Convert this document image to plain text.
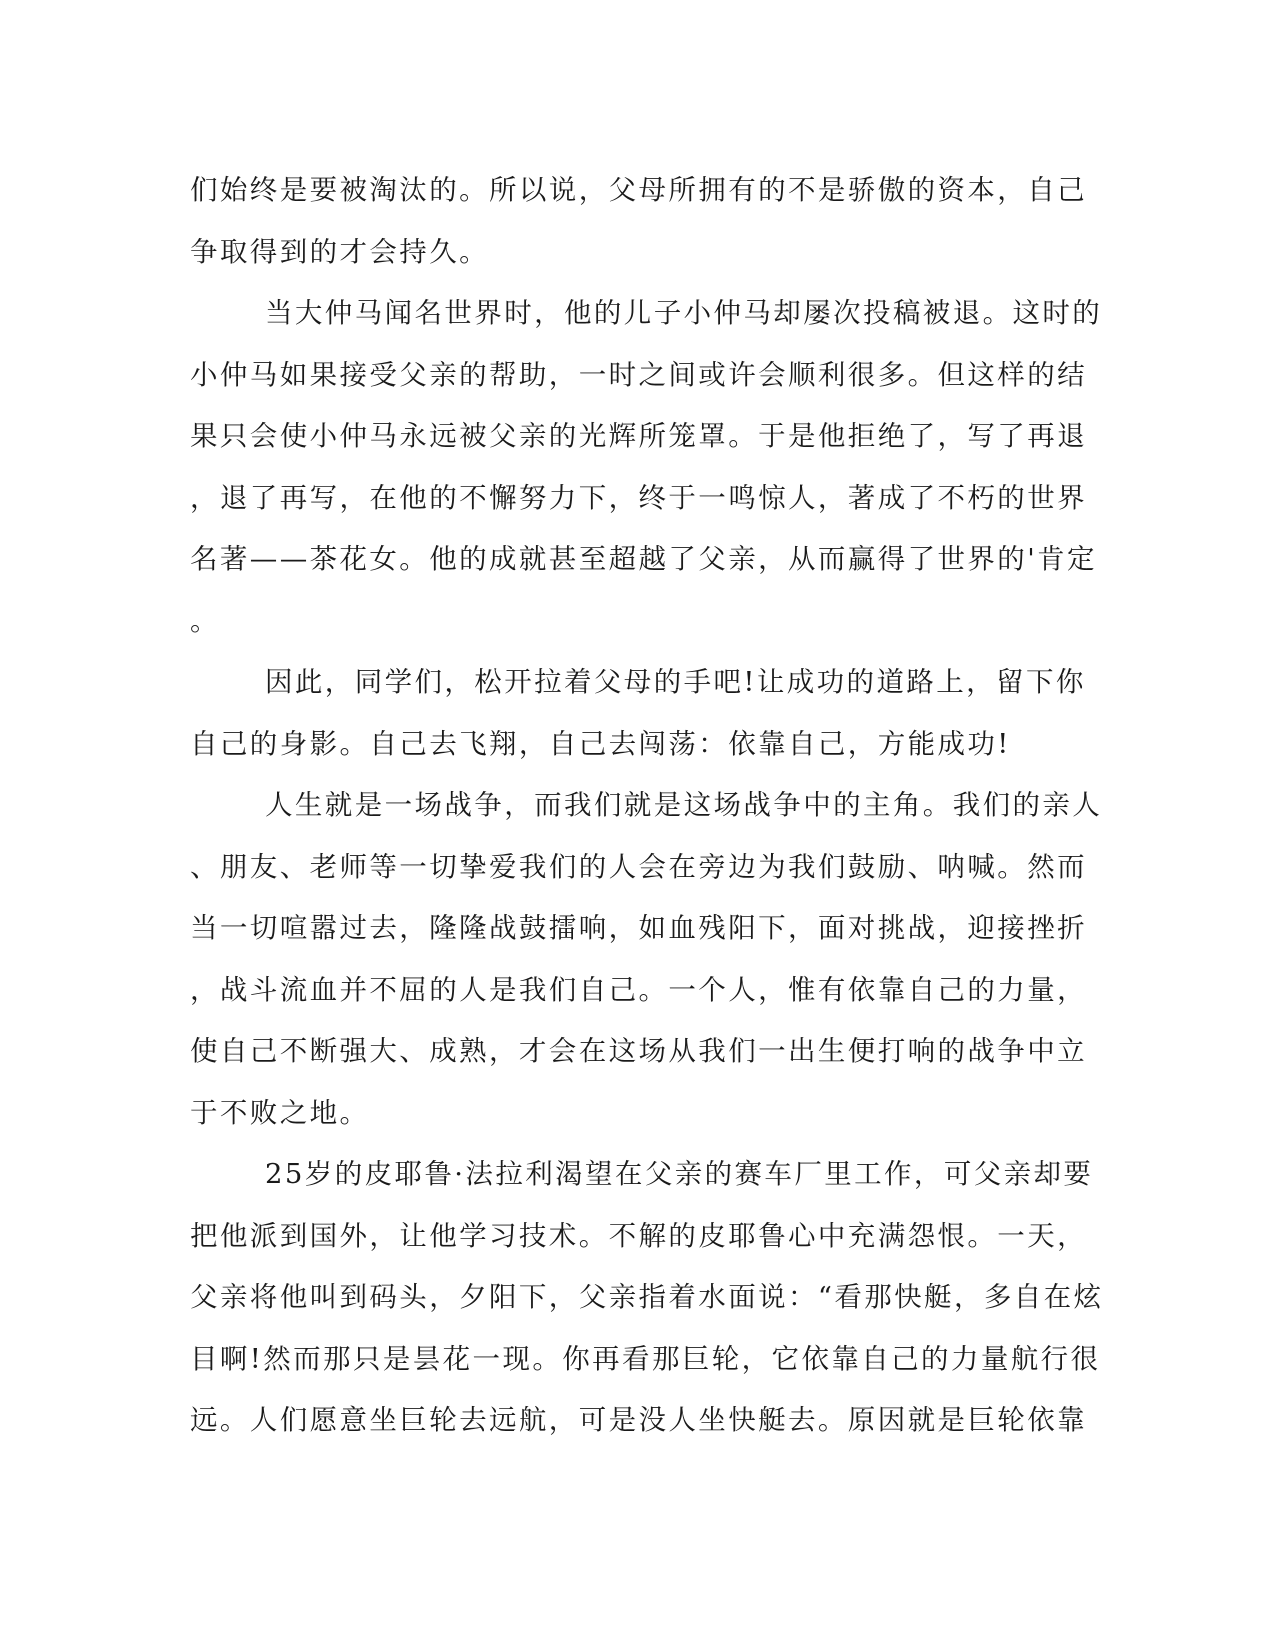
们始终是要被淘汰的。所以说，父母所拥有的不是骄傲的资本，自己
争取得到的才会持久。
当大仲马闻名世界时，他的儿子小仲马却屡次投稿被退。这时的
小仲马如果接受父亲的帮助，一时之间或许会顺利很多。但这样的结
果只会使小仲马永远被父亲的光辉所笼罩。于是他拒绝了，写了再退
，退了再写，在他的不懈努力下，终于一鸣惊人，著成了不朽的世界
名著——茶花女。他的成就甚至超越了父亲，从而赢得了世界的'肯定
。
因此，同学们，松开拉着父母的手吧!让成功的道路上，留下你
自己的身影。自己去飞翔，自己去闯荡：依靠自己，方能成功!
人生就是一场战争，而我们就是这场战争中的主角。我们的亲人
、朋友、老师等一切挚爱我们的人会在旁边为我们鼓励、呐喊。然而
当一切喧嚣过去，隆隆战鼓擂响，如血残阳下，面对挑战，迎接挫折
，战斗流血并不屈的人是我们自己。一个人，惟有依靠自己的力量，
使自己不断强大、成熟，才会在这场从我们一出生便打响的战争中立
于不败之地。
25岁的皮耶鲁·法拉利渴望在父亲的赛车厂里工作，可父亲却要
把他派到国外，让他学习技术。不解的皮耶鲁心中充满怨恨。一天，
父亲将他叫到码头，夕阳下，父亲指着水面说：“看那快艇，多自在炫
目啊!然而那只是昙花一现。你再看那巨轮，它依靠自己的力量航行很
远。人们愿意坐巨轮去远航，可是没人坐快艇去。原因就是巨轮依靠
